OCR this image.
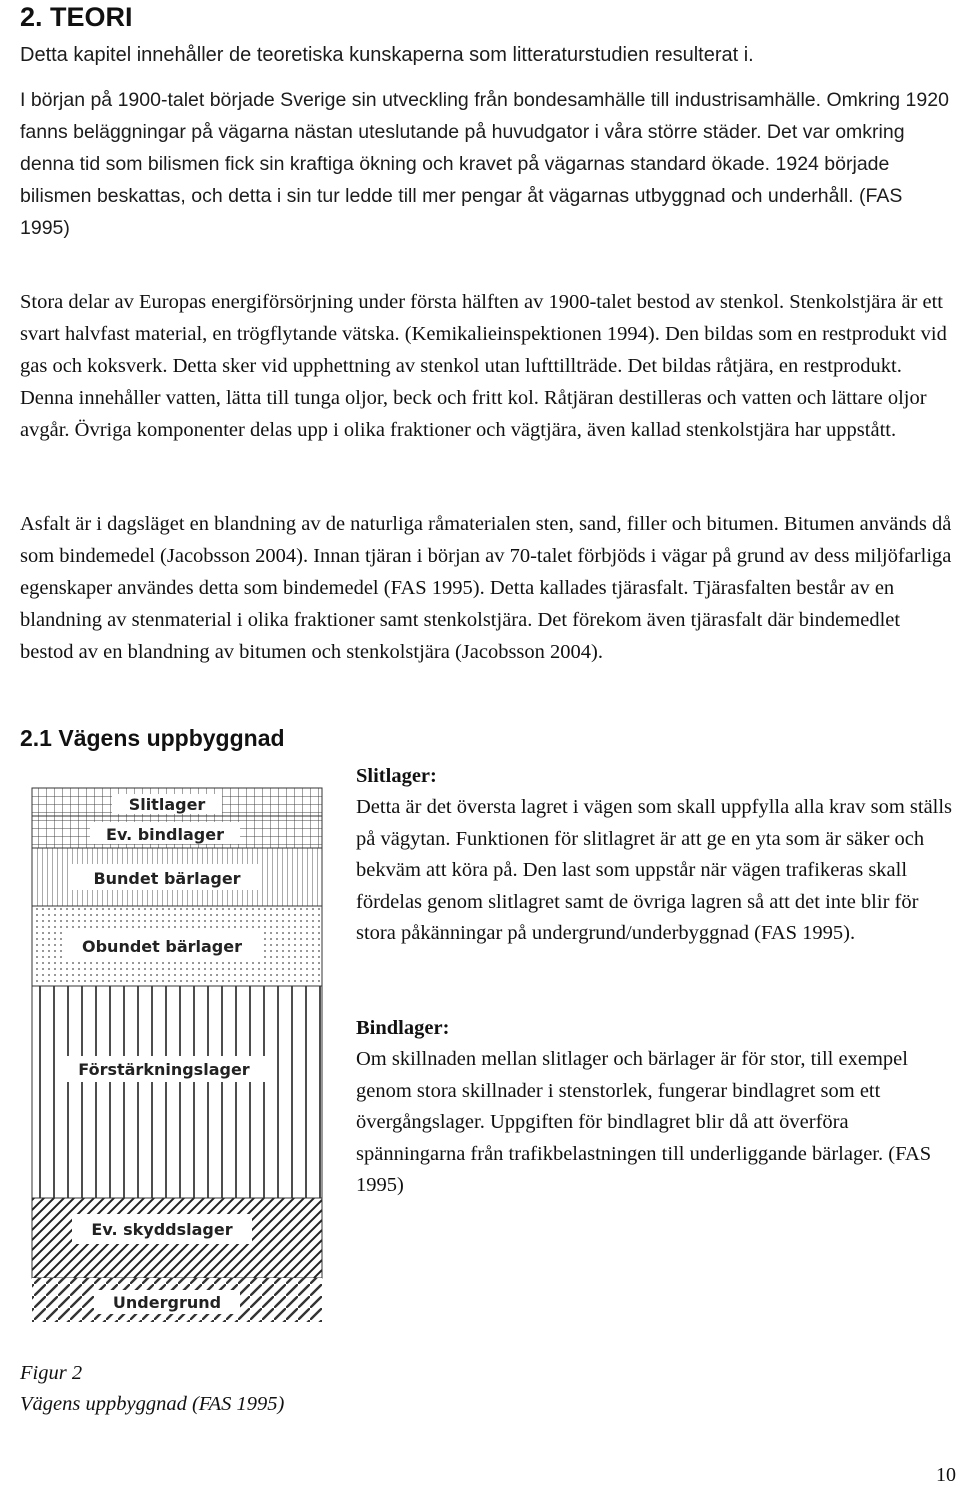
2. TEORI
Detta kapitel innehåller de teoretiska kunskaperna som litteraturstudien resulterat i.
I början på 1900-talet började Sverige sin utveckling från bondesamhälle till industrisamhälle. Omkring 1920 fanns beläggningar på vägarna nästan uteslutande på huvudgator i våra större städer. Det var omkring denna tid som bilismen fick sin kraftiga ökning och kravet på vägarnas standard ökade. 1924 började bilismen beskattas, och detta i sin tur ledde till mer pengar åt vägarnas utbyggnad och underhåll. (FAS 1995)
Stora delar av Europas energiförsörjning under första hälften av 1900-talet bestod av stenkol. Stenkolstjära är ett svart halvfast material, en trögflytande vätska. (Kemikalieinspektionen 1994). Den bildas som en restprodukt vid gas och koksverk. Detta sker vid upphettning av stenkol utan lufttillträde. Det bildas råtjära, en restprodukt. Denna innehåller vatten, lätta till tunga oljor, beck och fritt kol. Råtjäran destilleras och vatten och lättare oljor avgår. Övriga komponenter delas upp i olika fraktioner och vägtjära, även kallad stenkolstjära har uppstått.
Asfalt är i dagsläget en blandning av de naturliga råmaterialen sten, sand, filler och bitumen. Bitumen används då som bindemedel (Jacobsson 2004). Innan tjäran i början av 70-talet förbjöds i vägar på grund av dess miljöfarliga egenskaper användes detta som bindemedel (FAS 1995). Detta kallades tjärasfalt. Tjärasfalten består av en blandning av stenmaterial i olika fraktioner samt stenkolstjära. Det förekom även tjärasfalt där bindemedlet bestod av en blandning av bitumen och stenkolstjära (Jacobsson 2004).
2.1 Vägens uppbyggnad
Slitlager
Ev. bindlager
Bundet bärlager
Obundet bärlager
Förstärkningslager
Ev. skyddslager
Undergrund
Slitlager:
Detta är det översta lagret i vägen som skall uppfylla alla krav som ställs på vägytan. Funktionen för slitlagret är att ge en yta som är säker och bekväm att köra på. Den last som uppstår när vägen trafikeras skall fördelas genom slitlagret samt de övriga lagren så att det inte blir för stora påkänningar på undergrund/underbyggnad (FAS 1995).
Bindlager:
Om skillnaden mellan slitlager och bärlager är för stor, till exempel genom stora skillnader i stenstorlek, fungerar bindlagret som ett övergångslager. Uppgiften för bindlagret blir då att överföra spänningarna från trafikbelastningen till underliggande bärlager. (FAS 1995)
Figur 2
Vägens uppbyggnad (FAS 1995)
10
